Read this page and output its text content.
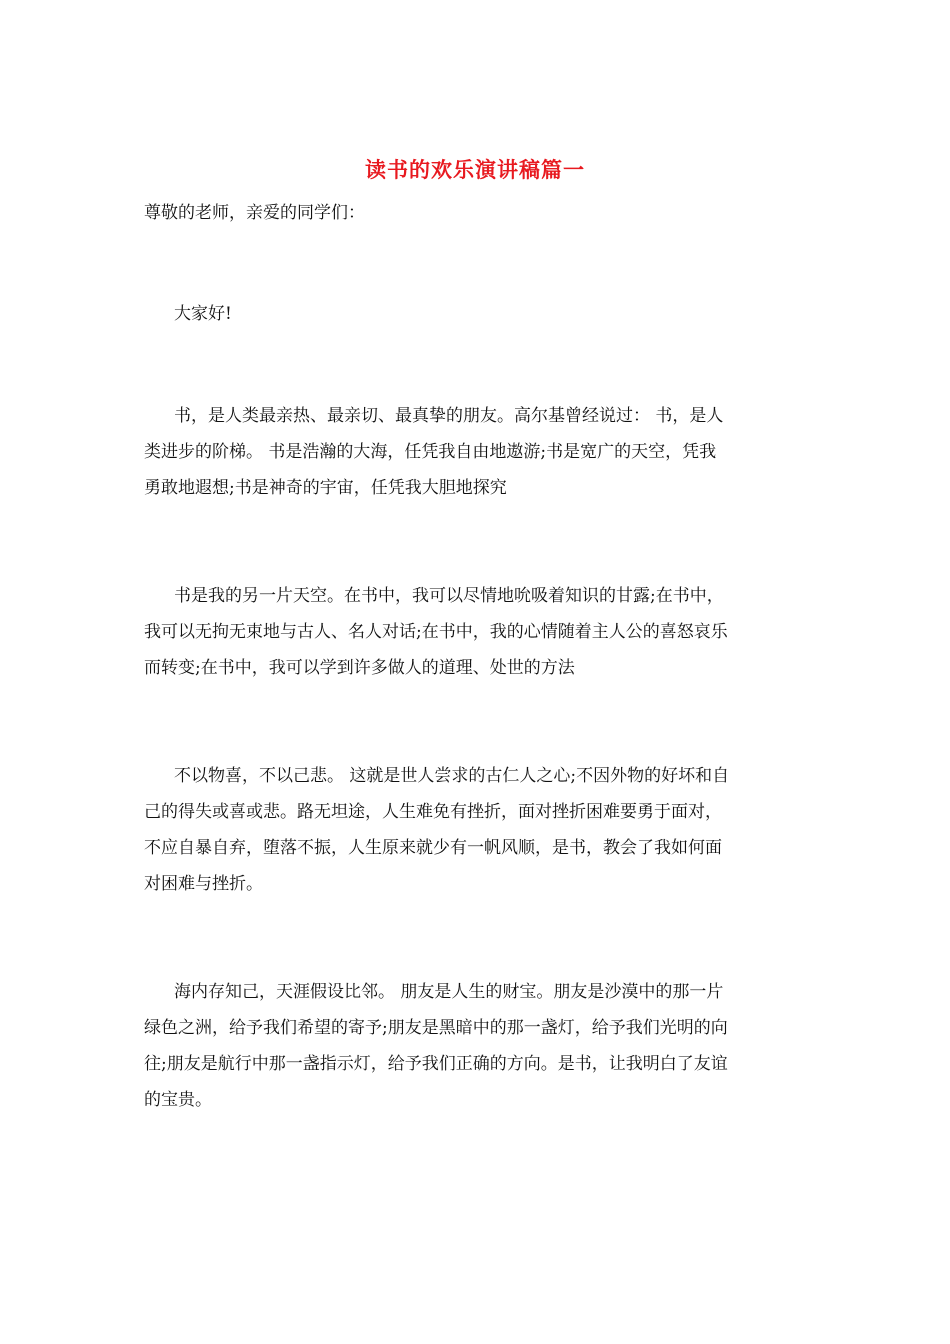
读书的欢乐演讲稿篇一
尊敬的老师，亲爱的同学们：
大家好!
书，是人类最亲热、最亲切、最真挚的朋友。高尔基曾经说过： 书，是人
类进步的阶梯。 书是浩瀚的大海，任凭我自由地遨游;书是宽广的天空，凭我
勇敢地遐想;书是神奇的宇宙，任凭我大胆地探究
书是我的另一片天空。在书中，我可以尽情地吮吸着知识的甘露;在书中，
我可以无拘无束地与古人、名人对话;在书中，我的心情随着主人公的喜怒哀乐
而转变;在书中，我可以学到许多做人的道理、处世的方法
不以物喜，不以己悲。 这就是世人尝求的古仁人之心;不因外物的好坏和自
己的得失或喜或悲。路无坦途，人生难免有挫折，面对挫折困难要勇于面对，
不应自暴自弃，堕落不振，人生原来就少有一帆风顺，是书，教会了我如何面
对困难与挫折。
海内存知己，天涯假设比邻。 朋友是人生的财宝。朋友是沙漠中的那一片
绿色之洲，给予我们希望的寄予;朋友是黑暗中的那一盏灯，给予我们光明的向
往;朋友是航行中那一盏指示灯，给予我们正确的方向。是书，让我明白了友谊
的宝贵。
